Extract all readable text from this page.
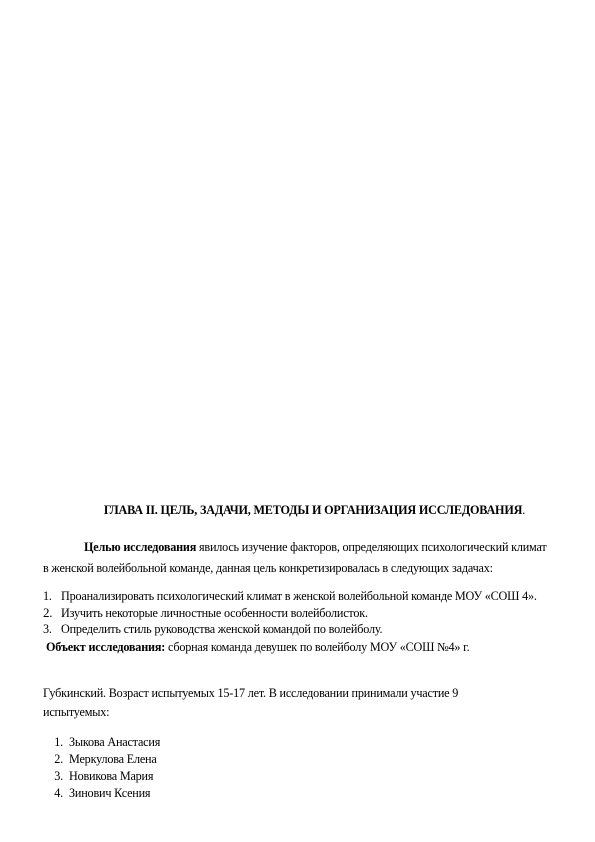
ГЛАВА II. ЦЕЛЬ, ЗАДАЧИ, МЕТОДЫ И ОРГАНИЗАЦИЯ ИССЛЕДОВАНИЯ.
Целью исследования явилось изучение факторов, определяющих психологический климат
в женской волейбольной команде, данная цель конкретизировалась в следующих задачах:
1. Проанализировать психологический климат в женской волейбольной команде МОУ «СОШ 4».
2. Изучить некоторые личностные особенности волейболисток.
3. Определить стиль руководства женской командой по волейболу.
Объект исследования: сборная команда девушек по волейболу МОУ «СОШ №4» г.
Губкинский. Возраст испытуемых 15-17 лет. В исследовании принимали участие 9
испытуемых:
1. Зыкова Анастасия
2. Меркулова Елена
3. Новикова Мария
4. Зинович Ксения
